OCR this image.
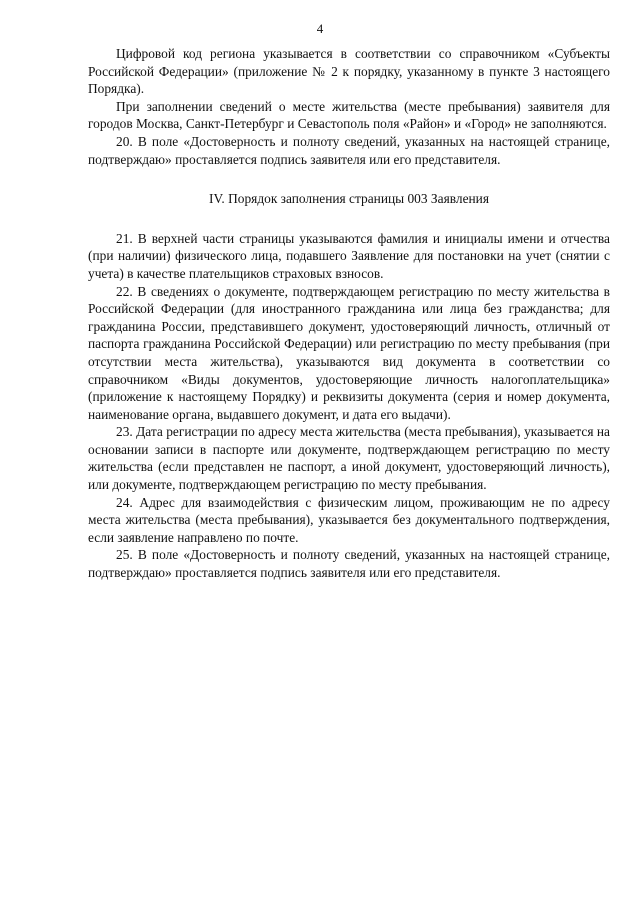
4

Цифровой код региона указывается в соответствии со справочником «Субъекты Российской Федерации» (приложение № 2 к порядку, указанному в пункте 3 настоящего Порядка).

При заполнении сведений о месте жительства (месте пребывания) заявителя для городов Москва, Санкт-Петербург и Севастополь поля «Район» и «Город» не заполняются.

20. В поле «Достоверность и полноту сведений, указанных на настоящей странице, подтверждаю» проставляется подпись заявителя или его представителя.

IV. Порядок заполнения страницы 003 Заявления

21. В верхней части страницы указываются фамилия и инициалы имени и отчества (при наличии) физического лица, подавшего Заявление для постановки на учет (снятии с учета) в качестве плательщиков страховых взносов.

22. В сведениях о документе, подтверждающем регистрацию по месту жительства в Российской Федерации (для иностранного гражданина или лица без гражданства; для гражданина России, представившего документ, удостоверяющий личность, отличный от паспорта гражданина Российской Федерации) или регистрацию по месту пребывания (при отсутствии места жительства), указываются вид документа в соответствии со справочником «Виды документов, удостоверяющие личность налогоплательщика» (приложение к настоящему Порядку) и реквизиты документа (серия и номер документа, наименование органа, выдавшего документ, и дата его выдачи).

23. Дата регистрации по адресу места жительства (места пребывания), указывается на основании записи в паспорте или документе, подтверждающем регистрацию по месту жительства (если представлен не паспорт, а иной документ, удостоверяющий личность), или документе, подтверждающем регистрацию по месту пребывания.

24. Адрес для взаимодействия с физическим лицом, проживающим не по адресу места жительства (места пребывания), указывается без документального подтверждения, если заявление направлено по почте.

25. В поле «Достоверность и полноту сведений, указанных на настоящей странице, подтверждаю» проставляется подпись заявителя или его представителя.
